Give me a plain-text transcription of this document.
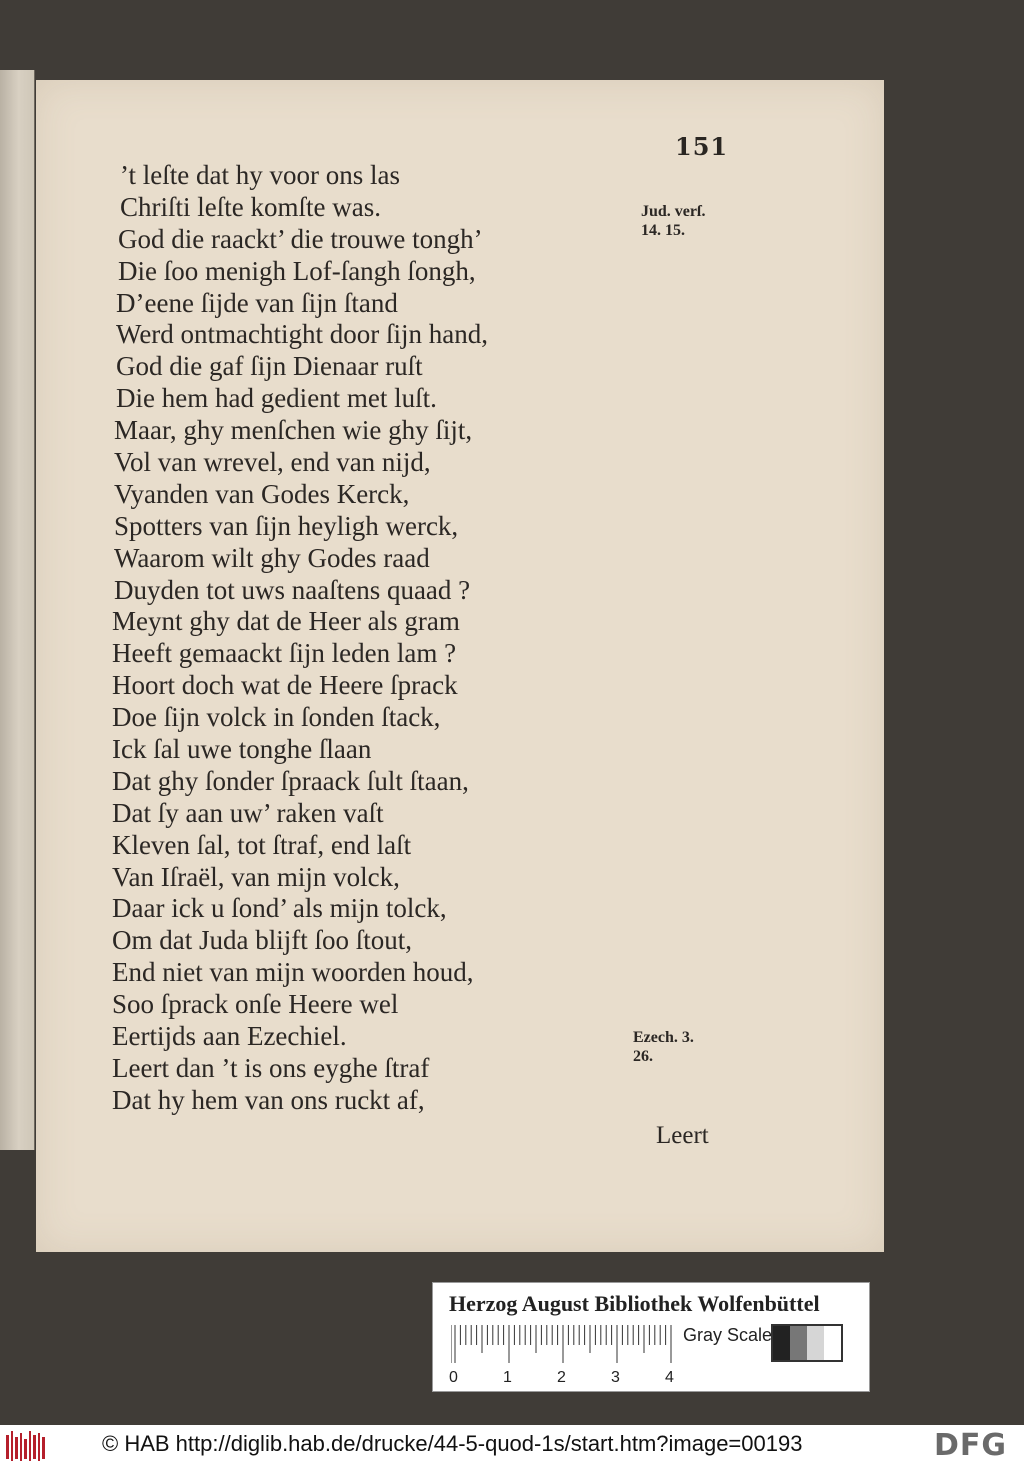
151
’t leſte dat hy voor ons las
Chriſti leſte komſte was.
God die raackt’ die trouwe tongh’
Die ſoo menigh Lof-ſangh ſongh,
D’eene ſijde van ſijn ſtand
Werd ontmachtight door ſijn hand,
God die gaf ſijn Dienaar ruſt
Die hem had gedient met luſt.
Maar, ghy menſchen wie ghy ſijt,
Vol van wrevel, end van nijd,
Vyanden van Godes Kerck,
Spotters van ſijn heyligh werck,
Waarom wilt ghy Godes raad
Duyden tot uws naaſtens quaad ?
Meynt ghy dat de Heer als gram
Heeft gemaackt ſijn leden lam ?
Hoort doch wat de Heere ſprack
Doe ſijn volck in ſonden ſtack,
Ick ſal uwe tonghe ſlaan
Dat ghy ſonder ſpraack ſult ſtaan,
Dat ſy aan uw’ raken vaſt
Kleven ſal, tot ſtraf, end laſt
Van Iſraël, van mijn volck,
Daar ick u ſond’ als mijn tolck,
Om dat Juda blijft ſoo ſtout,
End niet van mijn woorden houd,
Soo ſprack onſe Heere wel
Eertijds aan Ezechiel.
Leert dan ’t is ons eyghe ſtraf
Dat hy hem van ons ruckt af,
Jud. verſ.
14. 15.
Ezech. 3.
26.
Leert
Herzog August Bibliothek Wolfenbüttel
0	1	2	3	4
Gray Scale
© HAB http://diglib.hab.de/drucke/44-5-quod-1s/start.htm?image=00193	DFG
